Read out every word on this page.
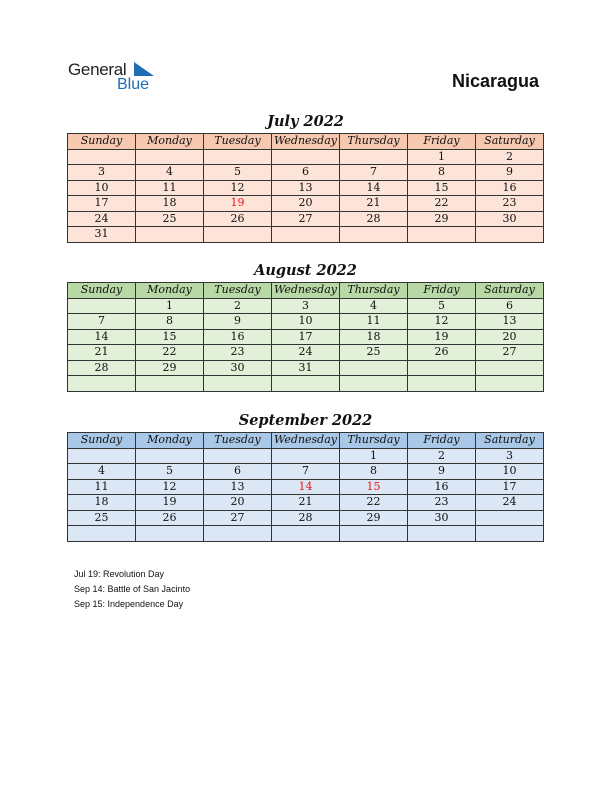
General
Blue	Nicaragua
July 2022
Sunday	Monday	Tuesday	Wednesday	Thursday	Friday	Saturday
					1	2
3	4	5	6	7	8	9
10	11	12	13	14	15	16
17	18	19	20	21	22	23
24	25	26	27	28	29	30
31						
August 2022
Sunday	Monday	Tuesday	Wednesday	Thursday	Friday	Saturday
	1	2	3	4	5	6
7	8	9	10	11	12	13
14	15	16	17	18	19	20
21	22	23	24	25	26	27
28	29	30	31			

September 2022
Sunday	Monday	Tuesday	Wednesday	Thursday	Friday	Saturday
				1	2	3
4	5	6	7	8	9	10
11	12	13	14	15	16	17
18	19	20	21	22	23	24
25	26	27	28	29	30	

Jul 19: Revolution Day
Sep 14: Battle of San Jacinto
Sep 15: Independence Day
